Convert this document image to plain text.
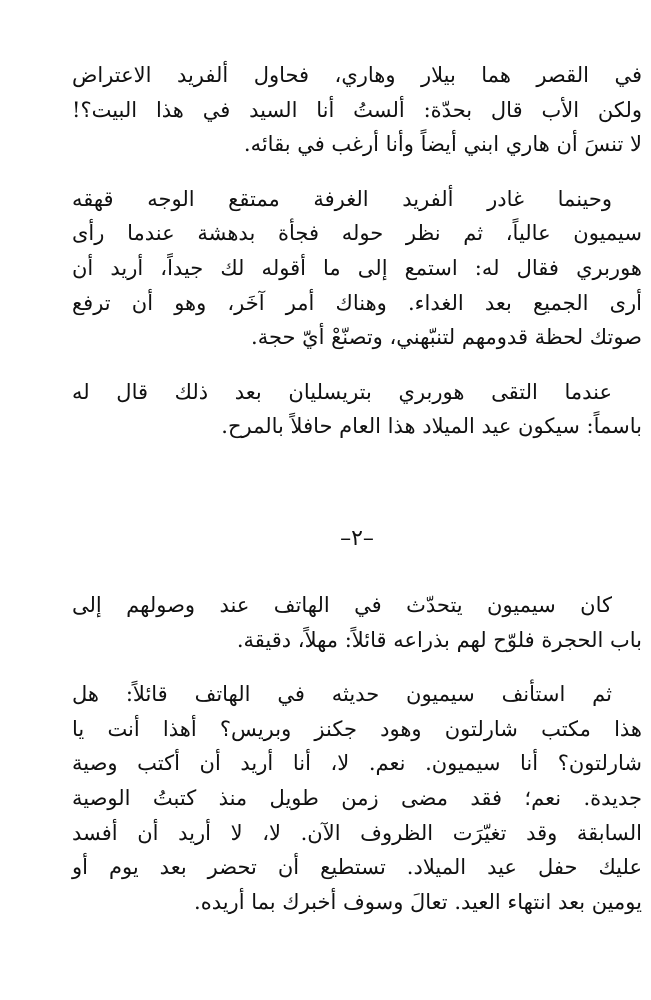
في القصر هما بيلار وهاري، فحاول ألفريد الاعتراض
ولكن الأب قال بحدّة: ألستُ أنا السيد في هذا البيت؟!
لا تنسَ أن هاري ابني أيضاً وأنا أرغب في بقائه.

وحينما غادر ألفريد الغرفة ممتقع الوجه قهقه
سيميون عالياً، ثم نظر حوله فجأة بدهشة عندما رأى
هوربري فقال له: استمع إلى ما أقوله لك جيداً، أريد أن
أرى الجميع بعد الغداء. وهناك أمر آخَر، وهو أن ترفع
صوتك لحظة قدومهم لتنبّهني، وتصنّعْ أيّ حجة.

عندما التقى هوربري بتريسليان بعد ذلك قال له
باسماً: سيكون عيد الميلاد هذا العام حافلاً بالمرح.

–٢–

كان سيميون يتحدّث في الهاتف عند وصولهم إلى
باب الحجرة فلوّح لهم بذراعه قائلاً: مهلاً، دقيقة.

ثم استأنف سيميون حديثه في الهاتف قائلاً: هل
هذا مكتب شارلتون وهود جكنز وبريس؟ أهذا أنت يا
شارلتون؟ أنا سيميون. نعم. لا، أنا أريد أن أكتب وصية
جديدة. نعم؛ فقد مضى زمن طويل منذ كتبتُ الوصية
السابقة وقد تغيّرَت الظروف الآن. لا، لا أريد أن أفسد
عليك حفل عيد الميلاد. تستطيع أن تحضر بعد يوم أو
يومين بعد انتهاء العيد. تعالَ وسوف أخبرك بما أريده.
